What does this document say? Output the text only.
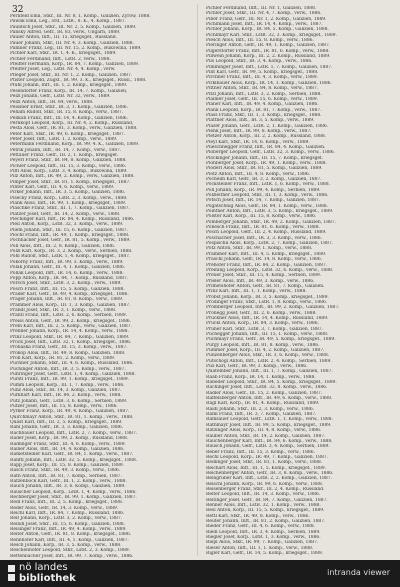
32

Pernfeld Emil, Stkr., III. Nr. 8, 1. Komp., Galizien, Zyrów, 1888.

Pawlik Emil, Leg., ord., LstB., 8. K., 4. Komp., 1887.

Paulitsch Josef, Stkr., III. Nr. 2, 5. Komp., Galizien, 1889.

Pansky Alfred, Gefr., IR. 83, verw., Ungarn, 1889.

Pauler Anton, Inft., III. 15, kriegsgef., Russland.

Pauer Johann, Stkr., III. Nr. 4, 3. Komp., Galizien, 1888.

Pamner Franz, Leg., III. Nr. 15, 2. Komp., Bukowina, 1889.

Pichler Karl, Stkr., IR. 1, 4. K., kriegsgef., 1889.

Pichler Ferdinand, Inft., LstR. 2, verw., 1888.

Pfeiffer Hermann, Korp., IR. 84, 7. Komp., Galizien, 1889.

Pfeiffer Josef, Leg., LstB. Nr. 4, 4. Komp., verw.

Pfleger Josef, Stkr., III. Nr. 1, 2. Komp., Galizien, 1887.

Pfister Leopold, Zugsf., IR. 99, 3. K., kriegsgef., Russl., 1888.

Pfuhl Johann, Inft., III. 1, 2. Komp., kriegsgef., 1889.

Pesendorfer Franz, Korp., IR. 14, 7. Komp., Galizien,

Pelzl Johann, Gefr., LstB. Nr. 32, verw., 1889.

Pelzl Anton, Inft., IR. 84, verw., 1888.

Peissner Ernst, Stkr., IR. 3, 1. Komp., Galizien, 1886.

Peham Rudolf, Stkr., IR. 15, 8. Komp., verw., 1887.

Pelikan Franz, Inft., III. 14, 4. Komp., Galizien, 1886.

Pernkopf Leopold, Korp., III. Nr. 4, 2. Komp., Russland,

Pesta Alois, Gefr., IR. 81, 3. Komp., verw., Galizien, 1888.

Peter Karl, Stkr., IR. 49, 6. Komp., kriegsgef., 1887.

Peter Josef, Inft., LstR. 1, 2. Komp., verw., 1889.

Petermann Ferdinand, Korp., IR. 99, 4. K., Galizien, 1889.

Petrik Johann, Inft., IR. 14, 7. Komp., verw., 1887.

Pettauer Franz, Gefr., III. 2, 1. Komp., kriegsgef.

Peyerl Franz, Stkr., IR. 84, 8. Komp., Galizien, 1888.

Pichler Leopold, Inft., III. 15, 3. Komp., verw., 1886.

Piffl Alois, Korp., LstB. 3, 4. Komp., Bukowina, 1889.

Pilz Anton, Inft., IR. 49, 2. Komp., verw., Galizien, 1888.

Pimper Josef, Stkr., IR. 81, 1. Komp., kriegsgef., 1887.

Pinter Karl, Gefr., III. 4, 6. Komp., verw., 1889.

Pirker Johann, Inft., IR. 3, 5. Komp., Galizien, 1886.

Pisecky Franz, Korp., LstR. 2, 3. Komp., verw., 1888.

Plank Alois, Inft., IR. 99, 1. Komp., kriegsgef., 1889.

Plaschke Franz, Stkr., III. 1, 7. Komp., Galizien, 1887.

Platzer Josef, Gefr., IR. 14, 2. Komp., verw., 1888.

Plechinger Karl, Inft., IR. 84, 4. Komp., Russland, 1886.

Pleil Anton, Korp., LstB. 32, 3. Komp., verw., 1889.

Pliem Johann, Stkr., III. 15, 6. Komp., Galizien, 1887.

Plöchl Franz, Inft., IR. 49, 1. Komp., kriegsgef., 1888.

Pöchhacker Josef, Gefr., IR. 81, 5. Komp., verw., 1889.

Pöll Alois, Inft., III. 2, 8. Komp., Galizien, 1886.

Pölzl Karl, Korp., IR. 3, 2. Komp., verw., Serbien, 1888.

Pohl Rudolf, Stkr., LstR. 1, 4. Komp., kriegsgef., 1887.

Pokorny Franz, Inft., IR. 99, 3. Komp., verw., 1889.

Polak Johann, Gefr., III. 4, 1. Komp., Galizien, 1886.

Pollak Leopold, Inft., IR. 14, 6. Komp., verw., 1888.

Popp Anton, Korp., IR. 84, 7. Komp., Russland, 1887.

Porsch Josef, Stkr., LstB. 3, 2. Komp., verw., 1889.

Posch Franz, Inft., III. 15, 5. Komp., Galizien, 1888.

Prader Karl, Gefr., IR. 49, 4. Komp., kriegsgef., 1886.

Prager Johann, Inft., IR. 81, 8. Komp., verw., 1889.

Prammer Alois, Korp., III. 1, 3. Komp., Galizien, 1887.

Prandl Josef, Stkr., IR. 3, 1. Komp., verw., 1888.

Prantl Franz, Inft., LstR. 2, 6. Komp., Serbien, 1889.

Preiss Anton, Gefr., IR. 99, 2. Komp., kriegsgef., 1886.

Prem Karl, Inft., III. 2, 5. Komp., verw., Galizien, 1887.

Prenner Johann, Korp., IR. 14, 4. Komp., verw., 1888.

Prinz Leopold, Stkr., IR. 84, 7. Komp., Galizien, 1889.

Prock Josef, Inft., LstB. 32, 1. Komp., kriegsgef., 1886.

Prohaska Franz, Gefr., III. 15, 3. Komp., verw., 1887.

Prokop Alois, Inft., IR. 49, 8. Komp., Galizien, 1888.

Pröll Karl, Korp., IR. 81, 2. Komp., verw., 1889.

Puchner Johann, Stkr., III. 4, 6. Komp., Russland, 1886.

Puchinger Anton, Inft., IR. 3, 5. Komp., verw., 1887.

Pühringer Josef, Gefr., LstR. 1, 4. Komp., Galizien, 1888.

Pürstl Franz, Inft., IR. 99, 1. Komp., kriegsgef., 1889.

Pumm Leopold, Korp., III. 1, 7. Komp., verw., 1886.

Punz Alois, Stkr., IR. 14, 3. Komp., Galizien, 1887.

Purkhart Karl, Inft., IR. 84, 2. Komp., verw., 1888.

Putz Johann, Gefr., LstB. 3, 6. Komp., Serbien, 1889.

Putzer Josef, Inft., III. 15, 8. Komp., verw., 1886.

Pyrker Franz, Korp., IR. 49, 4. Komp., Galizien, 1887.

Quirchmayr Anton, Stkr., IR. 81, 1. Komp., verw., 1888.

Quast Karl, Inft., III. 2, 5. Komp., kriegsgef., 1889.

Rabl Johann, Gefr., IR. 3, 3. Komp., Galizien, 1886.

Rachbauer Leopold, Inft., LstR. 2, 7. Komp., verw., 1887.

Rader Josef, Korp., IR. 99, 2. Komp., Russland, 1888.

Radlinger Franz, Stkr., III. 4, 6. Komp., verw., 1889.

Rainer Alois, Inft., IR. 14, 4. Komp., Galizien, 1886.

Rametsteiner Karl, Gefr., IR. 84, 1. Komp., verw., 1887.

Ranftl Johann, Inft., LstB. 32, 5. Komp., kriegsgef., 1888.

Rapp Josef, Korp., III. 15, 8. Komp., Galizien, 1889.

Rasch Franz, Stkr., IR. 49, 3. Komp., verw., 1886.

Rath Anton, Inft., IR. 81, 7. Komp., Serbien, 1887.

Ratzenböck Karl, Gefr., III. 1, 2. Komp., verw., 1888.

Rauch Johann, Inft., IR. 3, 6. Komp., Galizien, 1889.

Rauscher Leopold, Korp., LstR. 1, 4. Komp., verw., 1886.

Rechberger Josef, Stkr., IR. 99, 1. Komp., Galizien, 1887.

Redl Franz, Inft., III. 2, 5. Komp., kriegsgef., 1888.

Reder Alois, Gefr., IR. 14, 3. Komp., verw., 1889.

Reichl Karl, Inft., IR. 84, 7. Komp., Russland, 1886.

Reif Johann, Korp., LstB. 3, 2. Komp., verw., 1887.

Reindl Josef, Stkr., III. 15, 6. Komp., Galizien, 1888.

Reisinger Franz, Inft., IR. 49, 4. Komp., verw., 1889.

Reiter Anton, Gefr., IR. 81, 8. Komp., kriegsgef., 1886.

Rennhofer Karl, Inft., III. 4, 1. Komp., Galizien, 1887.

Resch Johann, Korp., IR. 3, 5. Komp., verw., 1888.

Reschenhofer Leopold, Stkr., LstR. 2, 3. Komp., 1889.

Rettenbacher Josef, Inft., IR. 99, 7. Komp., verw., 1886.

Pichler Ferdinand, Inft., III. Nr. 1, Galizien, 1888.

Pichler Josef, Stkr., III. Nr. 4, 7. Komp., verw., 1886.

Piber Franz, Gefr., III. Nr. 1, 2. Komp., Galizien, 1889.

Pichlmann Josef, Inft., IR. 14, 4. Komp., verw., 1887.

Pichler Johann, Korp., IR. 84, 5. Komp., Galizien, 1888.

Pichlmayr Karl, Stkr., LstB. 32, 3. Komp., kriegsgef., 1889.

Piesch Alois, Inft., III. 15, 8. Komp., verw., 1886.

Pieringer Anton, Gefr., IR. 49, 1. Komp., Galizien, 1887.

Pilgerstorfer Franz, Inft., IR. 81, 6. Komp., verw., 1888.

Pillwein Johann, Korp., III. 2, 2. Komp., Russland, 1889.

Pils Leopold, Stkr., IR. 3, 4. Komp., verw., 1886.

Pimminger Josef, Inft., LstR. 1, 7. Komp., Galizien, 1887.

Pint Karl, Gefr., IR. 99, 5. Komp., kriegsgef., 1888.

Pirchner Franz, Inft., III. 4, 3. Komp., verw., 1889.

Pirklbauer Alois, Korp., IR. 14, 1. Komp., Galizien, 1886.

Pittner Anton, Stkr., IR. 84, 8. Komp., verw., 1887.

Pitzl Johann, Inft., LstB. 3, 2. Komp., Serbien, 1888.

Plaimer Josef, Gefr., III. 15, 6. Komp., verw., 1889.

Planer Karl, Inft., IR. 49, 4. Komp., Galizien, 1886.

Plank Leopold, Korp., IR. 81, 7. Komp., verw., 1887.

Plass Franz, Stkr., III. 1, 3. Komp., kriegsgef., 1888.

Plattner Alois, Inft., IR. 3, 5. Komp., verw., 1889.

Plazer Johann, Gefr., LstR. 2, 1. Komp., Galizien, 1886.

Plenk Josef, Inft., IR. 99, 8. Komp., verw., 1887.

Pletzer Anton, Korp., III. 2, 2. Komp., Russland, 1888.

Pleyl Karl, Stkr., IR. 14, 6. Komp., verw., 1889.

Plieschnegger Franz, Inft., IR. 84, 4. Komp., Galizien.

Ploberger Leopold, Gefr., LstB. 32, 3. Komp., verw., 1886.

Plöckinger Johann, Inft., III. 15, 7. Komp., kriegsgef.

Plohberger Josef, Korp., IR. 49, 1. Komp., verw., 1888.

Plöderl Alois, Stkr., IR. 81, 5. Komp., Galizien, 1889.

Plötz Anton, Inft., III. 4, 8. Komp., verw., 1886.

Pöcheim Karl, Gefr., IR. 3, 2. Komp., Galizien, 1887.

Pöcksteiner Franz, Inft., LstR. 1, 6. Komp., verw., 1888.

Pöll Johann, Korp., IR. 99, 4. Komp., Serbien, 1889.

Pölzleitner Leopold, Stkr., III. 1, 3. Komp., verw., 1886.

Pötsch Josef, Inft., IR. 14, 7. Komp., Galizien, 1887.

Pogatschnig Alois, Gefr., IR. 84, 1. Komp., verw., 1888.

Pointner Anton, Inft., LstB. 3, 5. Komp., kriegsgef., 1889.

Polster Karl, Korp., III. 15, 8. Komp., verw., 1886.

Pomberger Johann, Stkr., IR. 49, 2. Komp., Galizien, 1887.

Ponesch Franz, Inft., IR. 81, 6. Komp., verw., 1888.

Posch Leopold, Gefr., III. 2, 4. Komp., Russland, 1889.

Poschacher Josef, Inft., IR. 3, 3. Komp., verw., 1886.

Pospischil Alois, Korp., LstR. 2, 7. Komp., Galizien, 1887.

Potz Anton, Stkr., IR. 99, 1. Komp., verw., 1888.

Prammer Karl, Inft., III. 4, 5. Komp., kriegsgef., 1889.

Praschl Johann, Gefr., IR. 14, 8. Komp., verw., 1886.

Prehofer Franz, Inft., IR. 84, 2. Komp., Galizien, 1887.

Preining Leopold, Korp., LstB. 32, 6. Komp., verw., 1888.

Preuer Josef, Stkr., III. 15, 4. Komp., Serbien, 1889.

Prieler Alois, Inft., IR. 49, 3. Komp., verw., 1886.

Primetshofer Anton, Gefr., IR. 81, 7. Komp., Galizien.

Prinz Karl, Inft., III. 1, 1. Komp., verw., 1888.

Probst Johann, Korp., IR. 3, 5. Komp., kriegsgef., 1889.

Prodinger Franz, Stkr., LstR. 1, 8. Komp., verw., 1886.

Promberger Leopold, Inft., IR. 99, 2. Komp., Galizien, 1887.

Pronegg Josef, Gefr., III. 2, 6. Komp., verw., 1888.

Pruckner Alois, Inft., IR. 14, 4. Komp., Russland, 1889.

Prückl Anton, Korp., IR. 84, 3. Komp., verw., 1886.

Pruner Karl, Stkr., LstB. 3, 7. Komp., Galizien, 1887.

Puchegger Johann, Inft., III. 15, 1. Komp., verw., 1888.

Puchmayr Franz, Gefr., IR. 49, 5. Komp., kriegsgef., 1889.

Pürgy Leopold, Inft., IR. 81, 8. Komp., verw., 1886.

Pummer Josef, Korp., III. 4, 2. Komp., Galizien, 1887.

Punzenberger Alois, Stkr., IR. 3, 6. Komp., verw., 1888.

Putschögl Anton, Inft., LstR. 2, 4. Komp., Serbien, 1889.

Pux Karl, Gefr., IR. 99, 3. Komp., verw., 1886.

Quatember Johann, Inft., III. 1, 7. Komp., Galizien, 1887.

Raab Franz, Korp., IR. 14, 1. Komp., verw., 1888.

Rabeder Leopold, Stkr., IR. 84, 5. Komp., kriegsgef., 1889.

Rachinger Josef, Inft., LstB. 32, 8. Komp., verw., 1886.

Radler Alois, Gefr., III. 15, 2. Komp., Galizien, 1887.

Raffelsberger Anton, Inft., IR. 49, 6. Komp., verw., 1888.

Ragl Karl, Korp., IR. 81, 4. Komp., Russland, 1889.

Raidl Johann, Stkr., III. 2, 3. Komp., verw., 1886.

Raml Franz, Inft., IR. 3, 7. Komp., Galizien, 1887.

Ramsauer Leopold, Gefr., LstR. 1, 1. Komp., verw., 1888.

Rathmayr Josef, Inft., IR. 99, 5. Komp., kriegsgef., 1889.

Ratzinger Alois, Korp., III. 4, 8. Komp., verw., 1886.

Rauber Anton, Stkr., IR. 14, 2. Komp., Galizien, 1887.

Rauchenberger Karl, Inft., IR. 84, 6. Komp., verw., 1888.

Rausch Johann, Gefr., LstB. 3, 4. Komp., Serbien, 1889.

Reber Franz, Inft., III. 15, 3. Komp., verw., 1886.

Rechl Leopold, Korp., IR. 49, 7. Komp., Galizien, 1887.

Redlinger Josef, Stkr., IR. 81, 1. Komp., verw., 1888.

Reichart Alois, Inft., III. 1, 5. Komp., kriegsgef., 1889.

Reichenberger Anton, Gefr., IR. 3, 8. Komp., verw., 1886.

Reingruber Karl, Inft., LstR. 2, 2. Komp., Galizien, 1887.

Reischl Johann, Korp., IR. 99, 6. Komp., verw., 1888.

Reisenberger Franz, Stkr., III. 2, 4. Komp., Russland.

Reiter Leopold, Inft., IR. 14, 3. Komp., verw., 1886.

Reitinger Josef, Gefr., IR. 84, 7. Komp., Galizien, 1887.

Renner Alois, Inft., LstB. 32, 1. Komp., verw., 1888.

Resl Anton, Korp., III. 15, 5. Komp., kriegsgef., 1889.

Rettl Karl, Stkr., IR. 49, 8. Komp., verw., 1886.

Reuter Johann, Inft., IR. 81, 2. Komp., Galizien, 1887.

Rieder Franz, Gefr., III. 4, 6. Komp., verw., 1888.

Riedl Leopold, Inft., IR. 3, 4. Komp., Serbien, 1889.

Riegler Josef, Korp., LstR. 1, 3. Komp., verw., 1886.

Riepl Alois, Stkr., IR. 99, 7. Komp., Galizien, 1887.

Rieser Anton, Inft., III. 1, 1. Komp., verw., 1888.

Rigler Karl, Gefr., IR. 14, 5. Komp., kriegsgef., 1889.

nö landes
bibliothek
intranda viewer
